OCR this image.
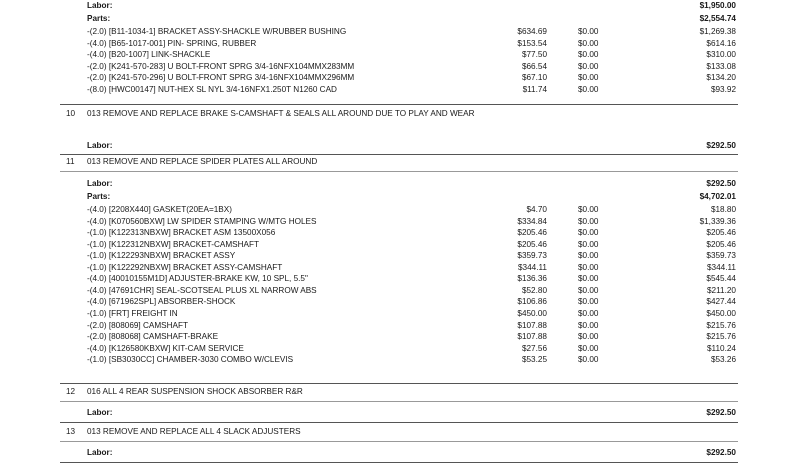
Labor:	$1,950.00
Parts:	$2,554.74
-(2.0) [B11-1034-1] BRACKET ASSY-SHACKLE W/RUBBER BUSHING	$634.69	$0.00	$1,269.38
-(4.0) [B65-1017-001] PIN- SPRING, RUBBER	$153.54	$0.00	$614.16
-(4.0) [B20-1007] LINK-SHACKLE	$77.50	$0.00	$310.00
-(2.0) [K241-570-283] U BOLT-FRONT SPRG 3/4-16NFX104MMX283MM	$66.54	$0.00	$133.08
-(2.0) [K241-570-296] U BOLT-FRONT SPRG 3/4-16NFX104MMX296MM	$67.10	$0.00	$134.20
-(8.0) [HWC00147] NUT-HEX SL NYL 3/4-16NFX1.250T N1260 CAD	$11.74	$0.00	$93.92
10 013 REMOVE AND REPLACE BRAKE S-CAMSHAFT & SEALS ALL AROUND DUE TO PLAY AND WEAR
Labor:	$292.50
11 013 REMOVE AND REPLACE SPIDER PLATES ALL AROUND
Labor:	$292.50
Parts:	$4,702.01
-(4.0) [2208X440] GASKET(20EA=1BX)	$4.70	$0.00	$18.80
-(4.0) [K070560BXW] LW SPIDER STAMPING W/MTG HOLES	$334.84	$0.00	$1,339.36
-(1.0) [K122313NBXW] BRACKET ASM 13500X056	$205.46	$0.00	$205.46
-(1.0) [K122312NBXW] BRACKET-CAMSHAFT	$205.46	$0.00	$205.46
-(1.0) [K122293NBXW] BRACKET ASSY	$359.73	$0.00	$359.73
-(1.0) [K122292NBXW] BRACKET ASSY-CAMSHAFT	$344.11	$0.00	$344.11
-(4.0) [40010155M1D] ADJUSTER-BRAKE KW, 10 SPL, 5.5"	$136.36	$0.00	$545.44
-(4.0) [47691CHR] SEAL-SCOTSEAL PLUS XL NARROW ABS	$52.80	$0.00	$211.20
-(4.0) [671962SPL] ABSORBER-SHOCK	$106.86	$0.00	$427.44
-(1.0) [FRT] FREIGHT IN	$450.00	$0.00	$450.00
-(2.0) [808069] CAMSHAFT	$107.88	$0.00	$215.76
-(2.0) [808068] CAMSHAFT-BRAKE	$107.88	$0.00	$215.76
-(4.0) [K126580KBXW] KIT-CAM SERVICE	$27.56	$0.00	$110.24
-(1.0) [SB3030CC] CHAMBER-3030 COMBO W/CLEVIS	$53.25	$0.00	$53.26
12 016 ALL 4 REAR SUSPENSION SHOCK ABSORBER R&R
Labor:	$292.50
13 013 REMOVE AND REPLACE ALL 4 SLACK ADJUSTERS
Labor:	$292.50
